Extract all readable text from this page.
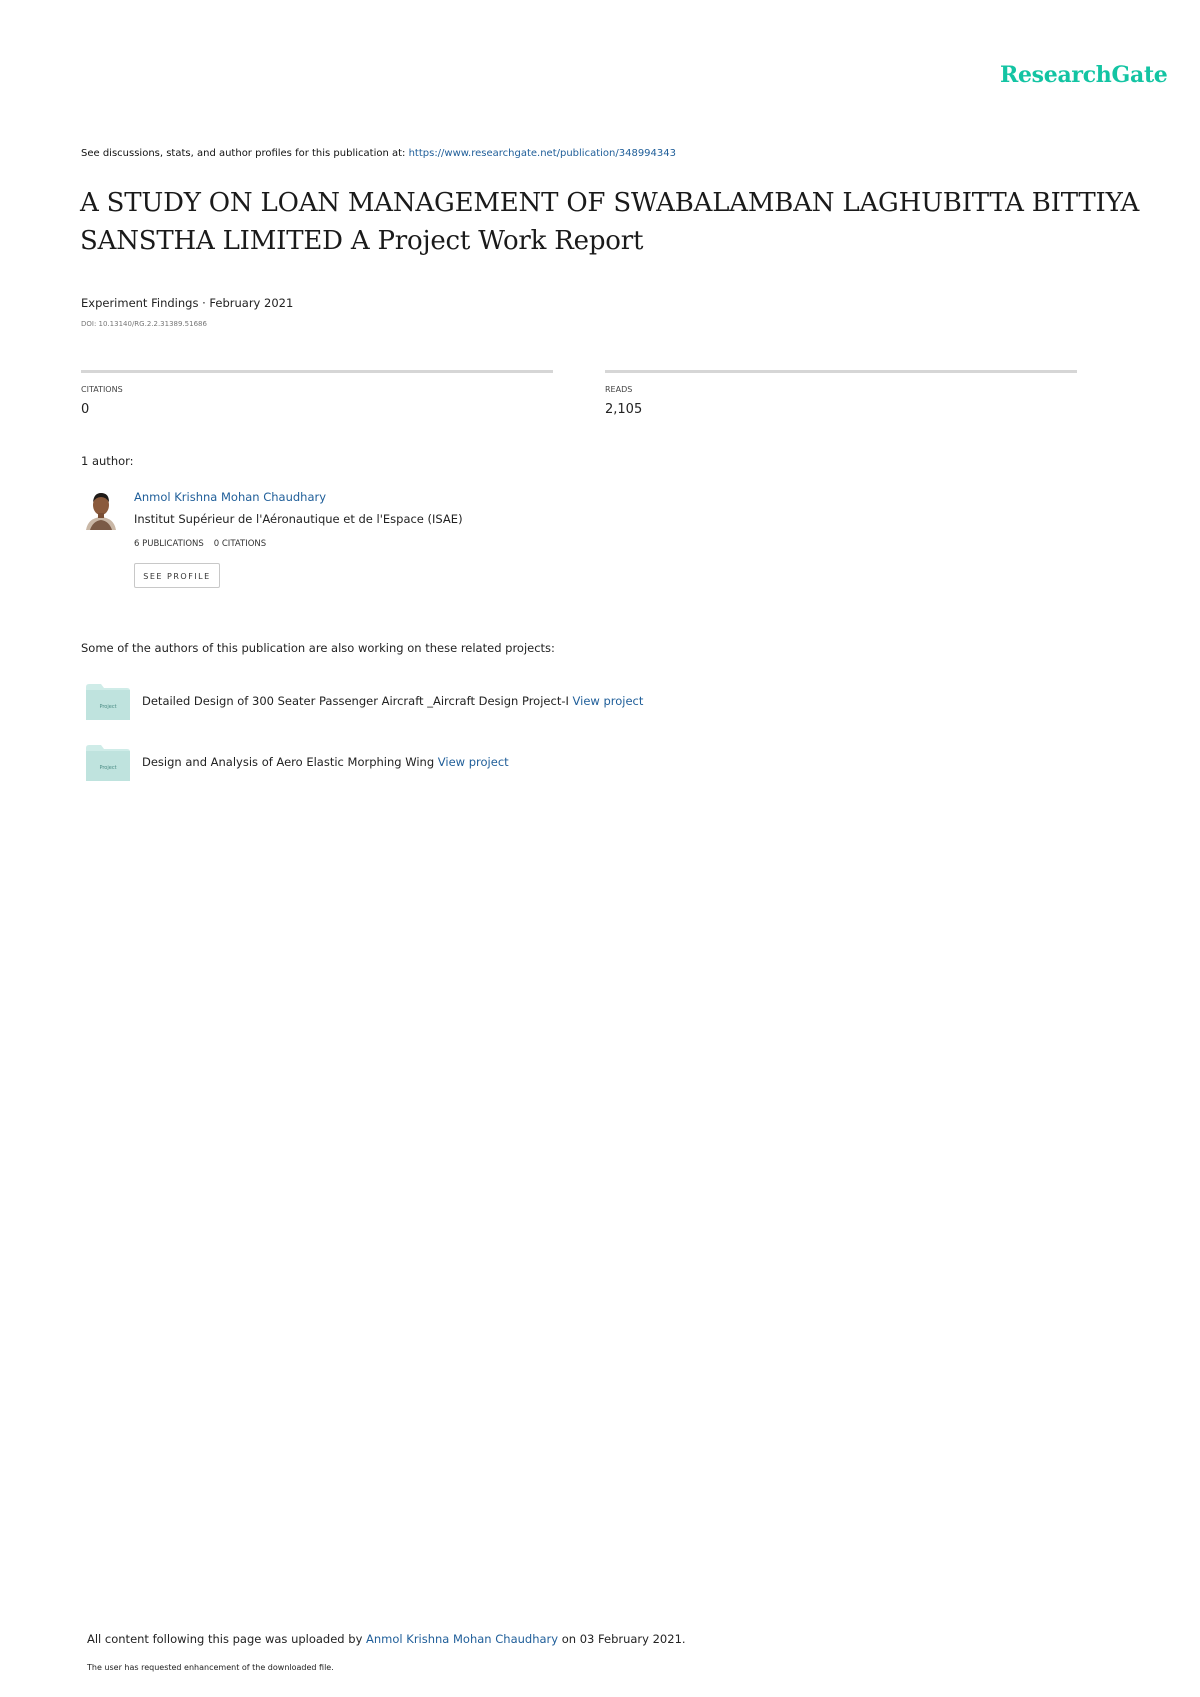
ResearchGate
See discussions, stats, and author profiles for this publication at: https://www.researchgate.net/publication/348994343
A STUDY ON LOAN MANAGEMENT OF SWABALAMBAN LAGHUBITTA BITTIYA SANSTHA LIMITED A Project Work Report
Experiment Findings · February 2021
DOI: 10.13140/RG.2.2.31389.51686
CITATIONS
0
READS
2,105
1 author:
Anmol Krishna Mohan Chaudhary
Institut Supérieur de l'Aéronautique et de l'Espace (ISAE)
6 PUBLICATIONS 0 CITATIONS
SEE PROFILE
Some of the authors of this publication are also working on these related projects:
Project Detailed Design of 300 Seater Passenger Aircraft _Aircraft Design Project-I View project
Project Design and Analysis of Aero Elastic Morphing Wing View project
All content following this page was uploaded by Anmol Krishna Mohan Chaudhary on 03 February 2021.
The user has requested enhancement of the downloaded file.
